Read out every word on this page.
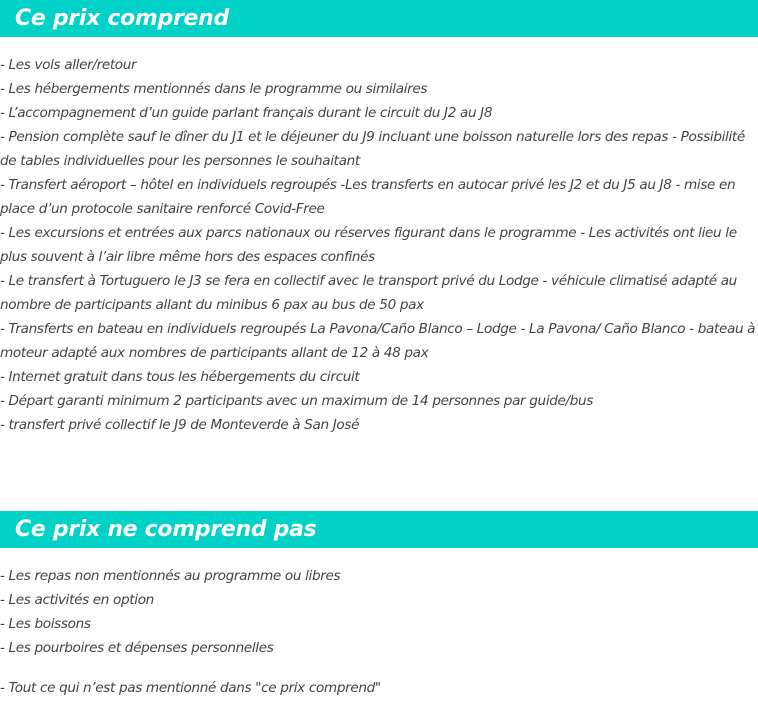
Ce prix comprend
- Les vols aller/retour
- Les hébergements mentionnés dans le programme ou similaires
- L’accompagnement d’un guide parlant français durant le circuit du J2 au J8
- Pension complète sauf le dîner du J1 et le déjeuner du J9 incluant une boisson naturelle lors des repas - Possibilité de tables individuelles pour les personnes le souhaitant
- Transfert aéroport – hôtel en individuels regroupés -Les transferts en autocar privé les J2 et du J5 au J8 - mise en place d’un protocole sanitaire renforcé Covid-Free
- Les excursions et entrées aux parcs nationaux ou réserves figurant dans le programme - Les activités ont lieu le plus souvent à l’air libre même hors des espaces confinés
- Le transfert à Tortuguero le J3 se fera en collectif avec le transport privé du Lodge - véhicule climatisé adapté au nombre de participants allant du minibus 6 pax au bus de 50 pax
- Transferts en bateau en individuels regroupés La Pavona/Caño Blanco – Lodge - La Pavona/ Caño Blanco - bateau à moteur adapté aux nombres de participants allant de 12 à 48 pax
- Internet gratuit dans tous les hébergements du circuit
- Départ garanti minimum 2 participants avec un maximum de 14 personnes par guide/bus
- transfert privé collectif le J9 de Monteverde à San José
Ce prix ne comprend pas
- Les repas non mentionnés au programme ou libres
- Les activités en option
- Les boissons
- Les pourboires et dépenses personnelles
- Tout ce qui n’est pas mentionné dans "ce prix comprend"
